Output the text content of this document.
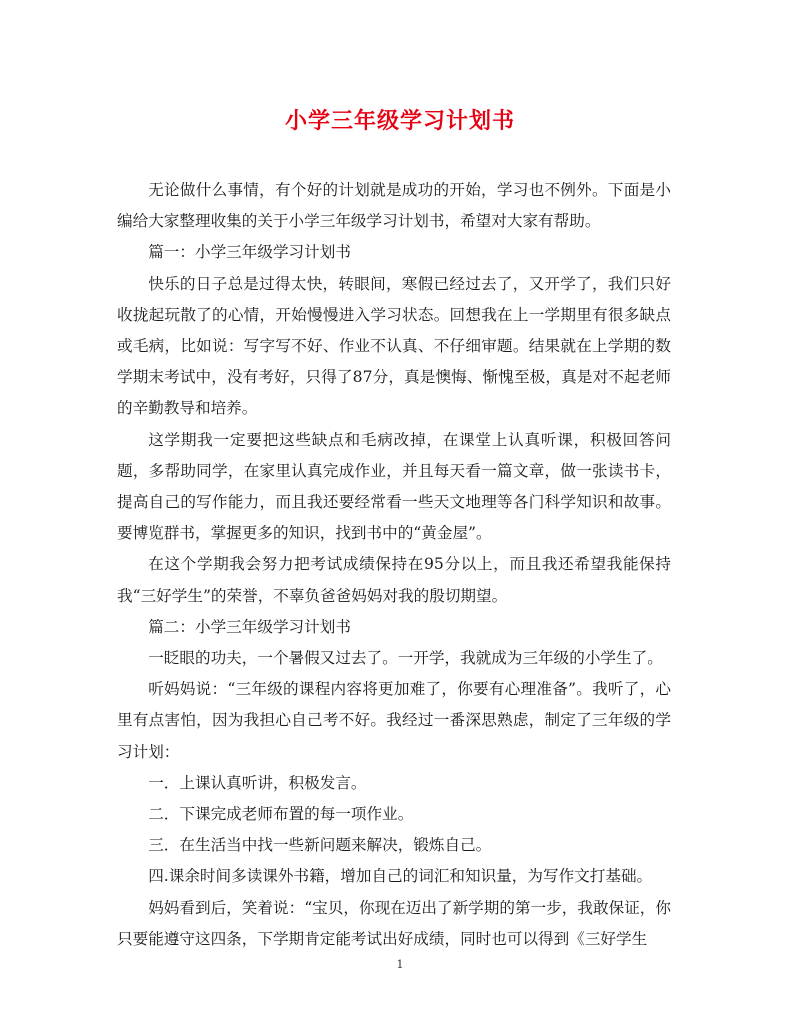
小学三年级学习计划书

无论做什么事情，有个好的计划就是成功的开始，学习也不例外。下面是小编给大家整理收集的关于小学三年级学习计划书，希望对大家有帮助。

篇一：小学三年级学习计划书

快乐的日子总是过得太快，转眼间，寒假已经过去了，又开学了，我们只好收拢起玩散了的心情，开始慢慢进入学习状态。回想我在上一学期里有很多缺点或毛病，比如说：写字写不好、作业不认真、不仔细审题。结果就在上学期的数学期末考试中，没有考好，只得了87分，真是懊悔、惭愧至极，真是对不起老师的辛勤教导和培养。

这学期我一定要把这些缺点和毛病改掉，在课堂上认真听课，积极回答问题，多帮助同学，在家里认真完成作业，并且每天看一篇文章，做一张读书卡，提高自己的写作能力，而且我还要经常看一些天文地理等各门科学知识和故事。要博览群书，掌握更多的知识，找到书中的“黄金屋”。

在这个学期我会努力把考试成绩保持在95分以上，而且我还希望我能保持我“三好学生”的荣誉，不辜负爸爸妈妈对我的殷切期望。

篇二：小学三年级学习计划书

一眨眼的功夫，一个暑假又过去了。一开学，我就成为三年级的小学生了。

听妈妈说：“三年级的课程内容将更加难了，你要有心理准备”。我听了，心里有点害怕，因为我担心自己考不好。我经过一番深思熟虑，制定了三年级的学习计划：

一．上课认真听讲，积极发言。

二．下课完成老师布置的每一项作业。

三．在生活当中找一些新问题来解决，锻炼自己。

四.课余时间多读课外书籍，增加自己的词汇和知识量，为写作文打基础。

妈妈看到后，笑着说：“宝贝，你现在迈出了新学期的第一步，我敢保证，你只要能遵守这四条，下学期肯定能考试出好成绩，同时也可以得到《三好学生

1
